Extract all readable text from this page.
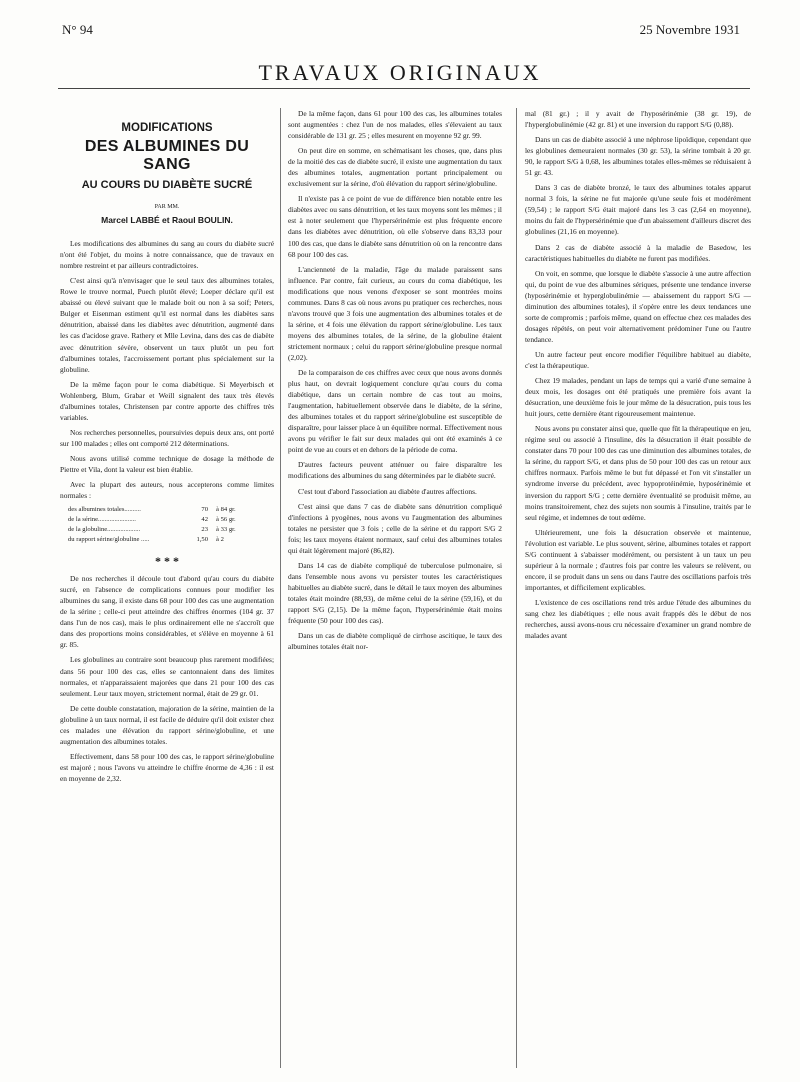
N° 94	25 Novembre 1931
TRAVAUX ORIGINAUX
MODIFICATIONS
DES ALBUMINES DU SANG
AU COURS DU DIABÈTE SUCRÉ
PAR MM.
Marcel LABBÉ et Raoul BOULIN.

Les modifications des albumines du sang au cours du diabète sucré n'ont été l'objet, du moins à notre connaissance, que de travaux en nombre restreint et par ailleurs contradictoires.

C'est ainsi qu'à n'envisager que le seul taux des albumines totales, Rowe le trouve normal, Puech plutôt élevé; Loeper déclare qu'il est abaissé ou élevé suivant que le malade boit ou non à sa soif; Peters, Bulger et Eisenman estiment qu'il est normal dans les diabètes sans dénutrition, abaissé dans les diabètes avec dénutrition, augmenté dans les cas d'acidose grave. Rathery et Mlle Levina, dans des cas de diabète avec dénutrition sévère, observent un taux plutôt un peu fort d'albumines totales, l'accroissement portant plus spécialement sur la globuline.

De la même façon pour le coma diabétique. Si Meyerbisch et Wohlenberg, Blum, Grabar et Weill signalent des taux très élevés d'albumines totales, Christensen par contre apporte des chiffres très variables.

Nos recherches personnelles, poursuivies depuis deux ans, ont porté sur 100 malades ; elles ont comporté 212 déterminations.

Nous avons utilisé comme technique de dosage la méthode de Piettre et Vila, dont la valeur est bien établie.

Avec la plupart des auteurs, nous accepterons comme limites normales :

des albumines totales..........	70	à 84 gr.
de la sérine.......................	42	à 56 gr.
de la globuline....................	23	à 33 gr.
du rapport sérine/globuline .....	1,50	à 2
* * *

De nos recherches il découle tout d'abord qu'au cours du diabète sucré, en l'absence de complications connues pour modifier les albumines du sang, il existe dans 68 pour 100 des cas une augmentation de la sérine ; celle-ci peut atteindre des chiffres énormes (104 gr. 37 dans l'un de nos cas), mais le plus ordinairement elle ne s'accroît que dans des proportions moins considérables, et s'élève en moyenne à 61 gr. 85.

Les globulines au contraire sont beaucoup plus rarement modifiées; dans 56 pour 100 des cas, elles se cantonnaient dans des limites normales, et n'apparaissaient majorées que dans 21 pour 100 des cas seulement. Leur taux moyen, strictement normal, était de 29 gr. 01.

De cette double constatation, majoration de la sérine, maintien de la globuline à un taux normal, il est facile de déduire qu'il doit exister chez ces malades une élévation du rapport sérine/globuline, et une augmentation des albumines totales.

Effectivement, dans 58 pour 100 des cas, le rapport sérine/globuline est majoré ; nous l'avons vu atteindre le chiffre énorme de 4,36 : il est en moyenne de 2,32.

De la même façon, dans 61 pour 100 des cas, les albumines totales sont augmentées : chez l'un de nos malades, elles s'élevaient au taux considérable de 131 gr. 25 ; elles mesurent en moyenne 92 gr. 99.

On peut dire en somme, en schématisant les choses, que, dans plus de la moitié des cas de diabète sucré, il existe une augmentation du taux des albumines totales, augmentation portant principalement ou exclusivement sur la sérine, d'où élévation du rapport sérine/globuline.

Il n'existe pas à ce point de vue de différence bien notable entre les diabètes avec ou sans dénutrition, et les taux moyens sont les mêmes ; il est à noter seulement que l'hypersérinémie est plus fréquente encore dans les diabètes avec dénutrition, où elle s'observe dans 83,33 pour 100 des cas, que dans le diabète sans dénutrition où on la rencontre dans 68 pour 100 des cas.

L'ancienneté de la maladie, l'âge du malade paraissent sans influence. Par contre, fait curieux, au cours du coma diabétique, les modifications que nous venons d'exposer se sont montrées moins communes. Dans 8 cas où nous avons pu pratiquer ces recherches, nous n'avons trouvé que 3 fois une augmentation des albumines totales et de la sérine, et 4 fois une élévation du rapport sérine/globuline. Les taux moyens des albumines totales, de la sérine, de la globuline étaient strictement normaux ; celui du rapport sérine/globuline presque normal (2,02).

De la comparaison de ces chiffres avec ceux que nous avons donnés plus haut, on devrait logiquement conclure qu'au cours du coma diabétique, dans un certain nombre de cas tout au moins, l'augmentation, habituellement observée dans le diabète, de la sérine, des albumines totales et du rapport sérine/globuline est susceptible de disparaître, pour laisser place à un équilibre normal. Effectivement nous avons pu vérifier le fait sur deux malades qui ont été examinés à ce point de vue au cours et en dehors de la période de coma.

D'autres facteurs peuvent atténuer ou faire disparaître les modifications des albumines du sang déterminées par le diabète sucré.

C'est tout d'abord l'association au diabète d'autres affections.

C'est ainsi que dans 7 cas de diabète sans dénutrition compliqué d'infections à pyogènes, nous avons vu l'augmentation des albumines totales ne persister que 3 fois ; celle de la sérine et du rapport S/G 2 fois; les taux moyens étaient normaux, sauf celui des albumines totales qui était légèrement majoré (86,82).

Dans 14 cas de diabète compliqué de tuberculose pulmonaire, si dans l'ensemble nous avons vu persister toutes les caractéristiques habituelles au diabète sucré, dans le détail le taux moyen des albumines totales était moindre (88,93), de même celui de la sérine (59,16), et du rapport S/G (2,15). De la même façon, l'hypersérinémie était moins fréquente (50 pour 100 des cas).

Dans un cas de diabète compliqué de cirrhose ascitique, le taux des albumines totales était nor-

mal (81 gr.) ; il y avait de l'hyposérinémie (38 gr. 19), de l'hyperglobulinémie (42 gr. 81) et une inversion du rapport S/G (0,88).

Dans un cas de diabète associé à une néphrose lipoïdique, cependant que les globulines demeuraient normales (30 gr. 53), la sérine tombait à 20 gr. 90, le rapport S/G à 0,68, les albumines totales elles-mêmes se réduisaient à 51 gr. 43.

Dans 3 cas de diabète bronzé, le taux des albumines totales apparut normal 3 fois, la sérine ne fut majorée qu'une seule fois et modérément (59,54) ; le rapport S/G était majoré dans les 3 cas (2,64 en moyenne), moins du fait de l'hypersérinémie que d'un abaissement d'ailleurs discret des globulines (21,16 en moyenne).

Dans 2 cas de diabète associé à la maladie de Basedow, les caractéristiques habituelles du diabète ne furent pas modifiées.

On voit, en somme, que lorsque le diabète s'associe à une autre affection qui, du point de vue des albumines sériques, présente une tendance inverse (hyposérinémie et hyperglobulinémie — abaissement du rapport S/G — diminution des albumines totales), il s'opère entre les deux tendances une sorte de compromis ; parfois même, quand on effectue chez ces malades des dosages répétés, on peut voir alternativement prédominer l'une ou l'autre tendance.

Un autre facteur peut encore modifier l'équilibre habituel au diabète, c'est la thérapeutique.

Chez 19 malades, pendant un laps de temps qui a varié d'une semaine à deux mois, les dosages ont été pratiqués une première fois avant la désucration, une deuxième fois le jour même de la désucration, puis tous les huit jours, cette dernière étant rigoureusement maintenue.

Nous avons pu constater ainsi que, quelle que fût la thérapeutique en jeu, régime seul ou associé à l'insuline, dès la désucration il était possible de constater dans 70 pour 100 des cas une diminution des albumines totales, de la sérine, du rapport S/G, et dans plus de 50 pour 100 des cas un retour aux chiffres normaux. Parfois même le but fut dépassé et l'on vit s'installer un syndrome inverse du précédent, avec hypoprotéinémie, hyposérinémie et inversion du rapport S/G ; cette dernière éventualité se produisit même, au moins transitoirement, chez des sujets non soumis à l'insuline, traités par le seul régime, et indemnes de tout œdème.

Ultérieurement, une fois la désucration observée et maintenue, l'évolution est variable. Le plus souvent, sérine, albumines totales et rapport S/G continuent à s'abaisser modérément, ou persistent à un taux un peu supérieur à la normale ; d'autres fois par contre les valeurs se relèvent, ou encore, il se produit dans un sens ou dans l'autre des oscillations parfois très importantes, et difficilement explicables.

L'existence de ces oscillations rend très ardue l'étude des albumines du sang chez les diabétiques ; elle nous avait frappés dès le début de nos recherches, aussi avons-nous cru nécessaire d'examiner un grand nombre de malades avant
